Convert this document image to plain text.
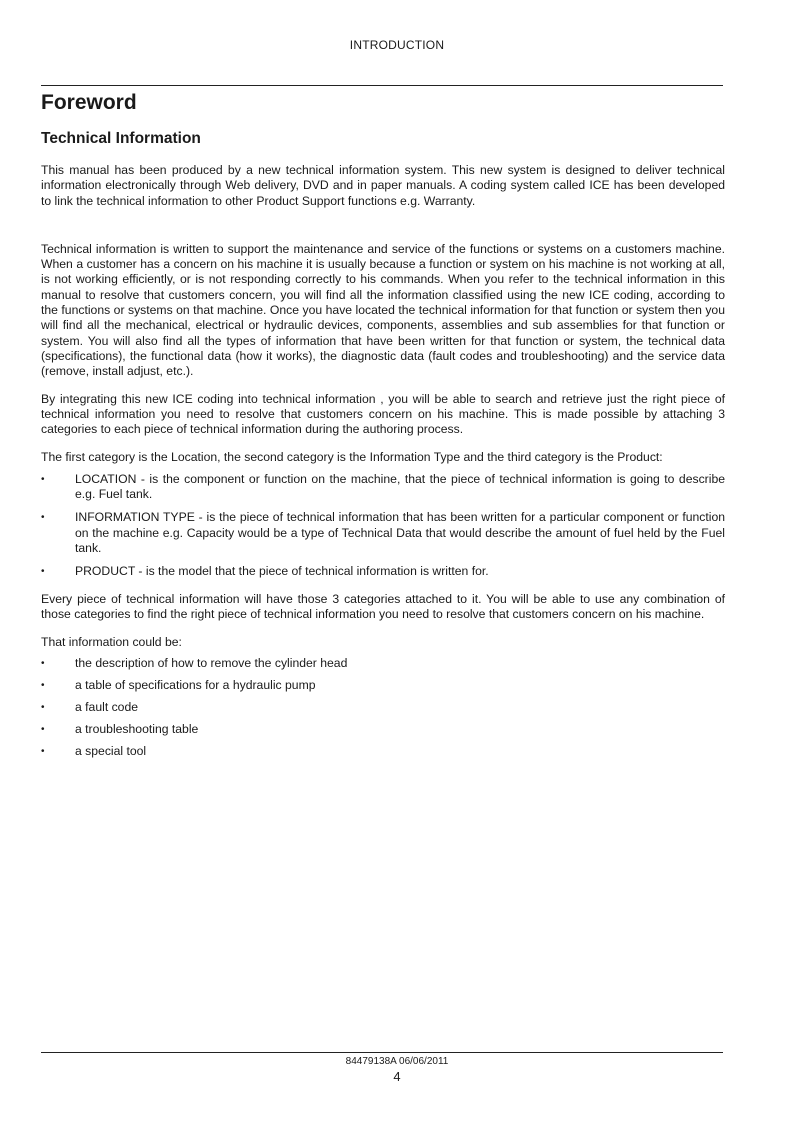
INTRODUCTION
Foreword
Technical Information

This manual has been produced by a new technical information system. This new system is designed to deliver technical information electronically through Web delivery, DVD and in paper manuals. A coding system called ICE has been developed to link the technical information to other Product Support functions e.g. Warranty.

Technical information is written to support the maintenance and service of the functions or systems on a customers machine. When a customer has a concern on his machine it is usually because a function or system on his machine is not working at all, is not working efficiently, or is not responding correctly to his commands. When you refer to the technical information in this manual to resolve that customers concern, you will find all the information classified using the new ICE coding, according to the functions or systems on that machine. Once you have located the technical information for that function or system then you will find all the mechanical, electrical or hydraulic devices, components, assemblies and sub assemblies for that function or system. You will also find all the types of information that have been written for that function or system, the technical data (specifications), the functional data (how it works), the diagnostic data (fault codes and troubleshooting) and the service data (remove, install adjust, etc.).

By integrating this new ICE coding into technical information , you will be able to search and retrieve just the right piece of technical information you need to resolve that customers concern on his machine. This is made possible by attaching 3 categories to each piece of technical information during the authoring process.

The first category is the Location, the second category is the Information Type and the third category is the Product:

•	LOCATION - is the component or function on the machine, that the piece of technical information is going to describe e.g. Fuel tank.
•	INFORMATION TYPE - is the piece of technical information that has been written for a particular component or function on the machine e.g. Capacity would be a type of Technical Data that would describe the amount of fuel held by the Fuel tank.
•	PRODUCT - is the model that the piece of technical information is written for.

Every piece of technical information will have those 3 categories attached to it. You will be able to use any combination of those categories to find the right piece of technical information you need to resolve that customers concern on his machine.

That information could be:

•	the description of how to remove the cylinder head
•	a table of specifications for a hydraulic pump
•	a fault code
•	a troubleshooting table
•	a special tool
84479138A 06/06/2011
4
